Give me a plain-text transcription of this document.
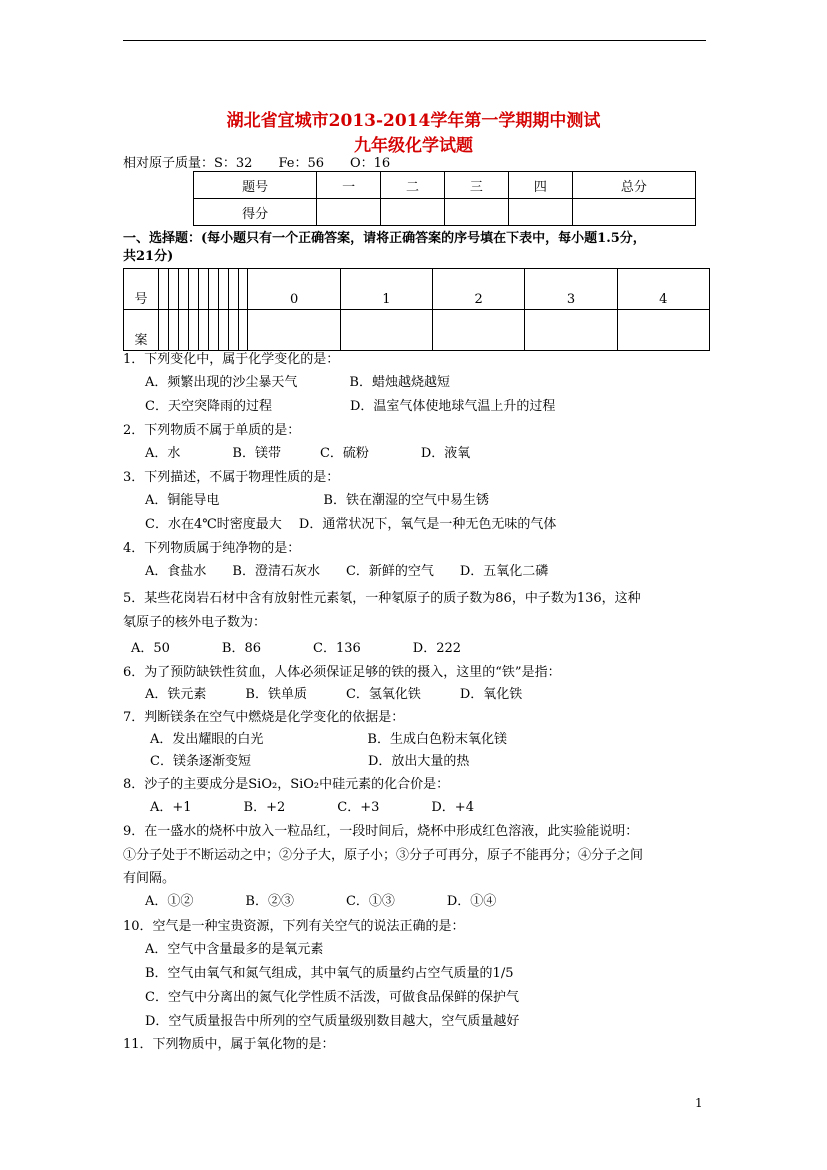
湖北省宜城市2013-2014学年第一学期期中测试
九年级化学试题
相对原子质量：S：32　　Fe：56　　O：16
题号	一	二	三	四	总分
得分					
一、选择题：(每小题只有一个正确答案，请将正确答案的序号填在下表中，每小题1.5分，
共21分)
号										0	1	2	3	4
案														
1．下列变化中，属于化学变化的是：
A．频繁出现的沙尘暴天气　　　　B．蜡烛越烧越短
C．天空突降雨的过程　　　　　　D．温室气体使地球气温上升的过程
2．下列物质不属于单质的是：
A．水　　　　B．镁带　　　C．硫粉　　　　D．液氧
3．下列描述，不属于物理性质的是：
A．铜能导电　　　　　　　　B．铁在潮湿的空气中易生锈
C．水在4℃时密度最大　 D．通常状况下，氧气是一种无色无味的气体
4．下列物质属于纯净物的是：
A．食盐水　　B．澄清石灰水　　C．新鲜的空气　　D．五氧化二磷
5．某些花岗岩石材中含有放射性元素氡，一种氡原子的质子数为86，中子数为136，这种
氡原子的核外电子数为：
A．50　　　　B．86　　　　C．136　　　　D．222
6．为了预防缺铁性贫血，人体必须保证足够的铁的摄入，这里的“铁”是指：
A．铁元素　　　B．铁单质　　　C．氢氧化铁　　　D．氧化铁
7．判断镁条在空气中燃烧是化学变化的依据是：
A．发出耀眼的白光　　　　　　　　B．生成白色粉末氧化镁
C．镁条逐渐变短　　　　　　　　　D．放出大量的热
8．沙子的主要成分是SiO₂，SiO₂中硅元素的化合价是：
A．+1　　　　B．+2　　　　C．+3　　　　D．+4
9．在一盛水的烧杯中放入一粒品红，一段时间后，烧杯中形成红色溶液，此实验能说明：
①分子处于不断运动之中；②分子大，原子小；③分子可再分，原子不能再分；④分子之间
有间隔。
A．①②　　　　B．②③　　　　C．①③　　　　D．①④
10．空气是一种宝贵资源，下列有关空气的说法正确的是：
A．空气中含量最多的是氧元素
B．空气由氧气和氮气组成，其中氧气的质量约占空气质量的1/5
C．空气中分离出的氮气化学性质不活泼，可做食品保鲜的保护气
D．空气质量报告中所列的空气质量级别数目越大，空气质量越好
11．下列物质中，属于氧化物的是：
1
